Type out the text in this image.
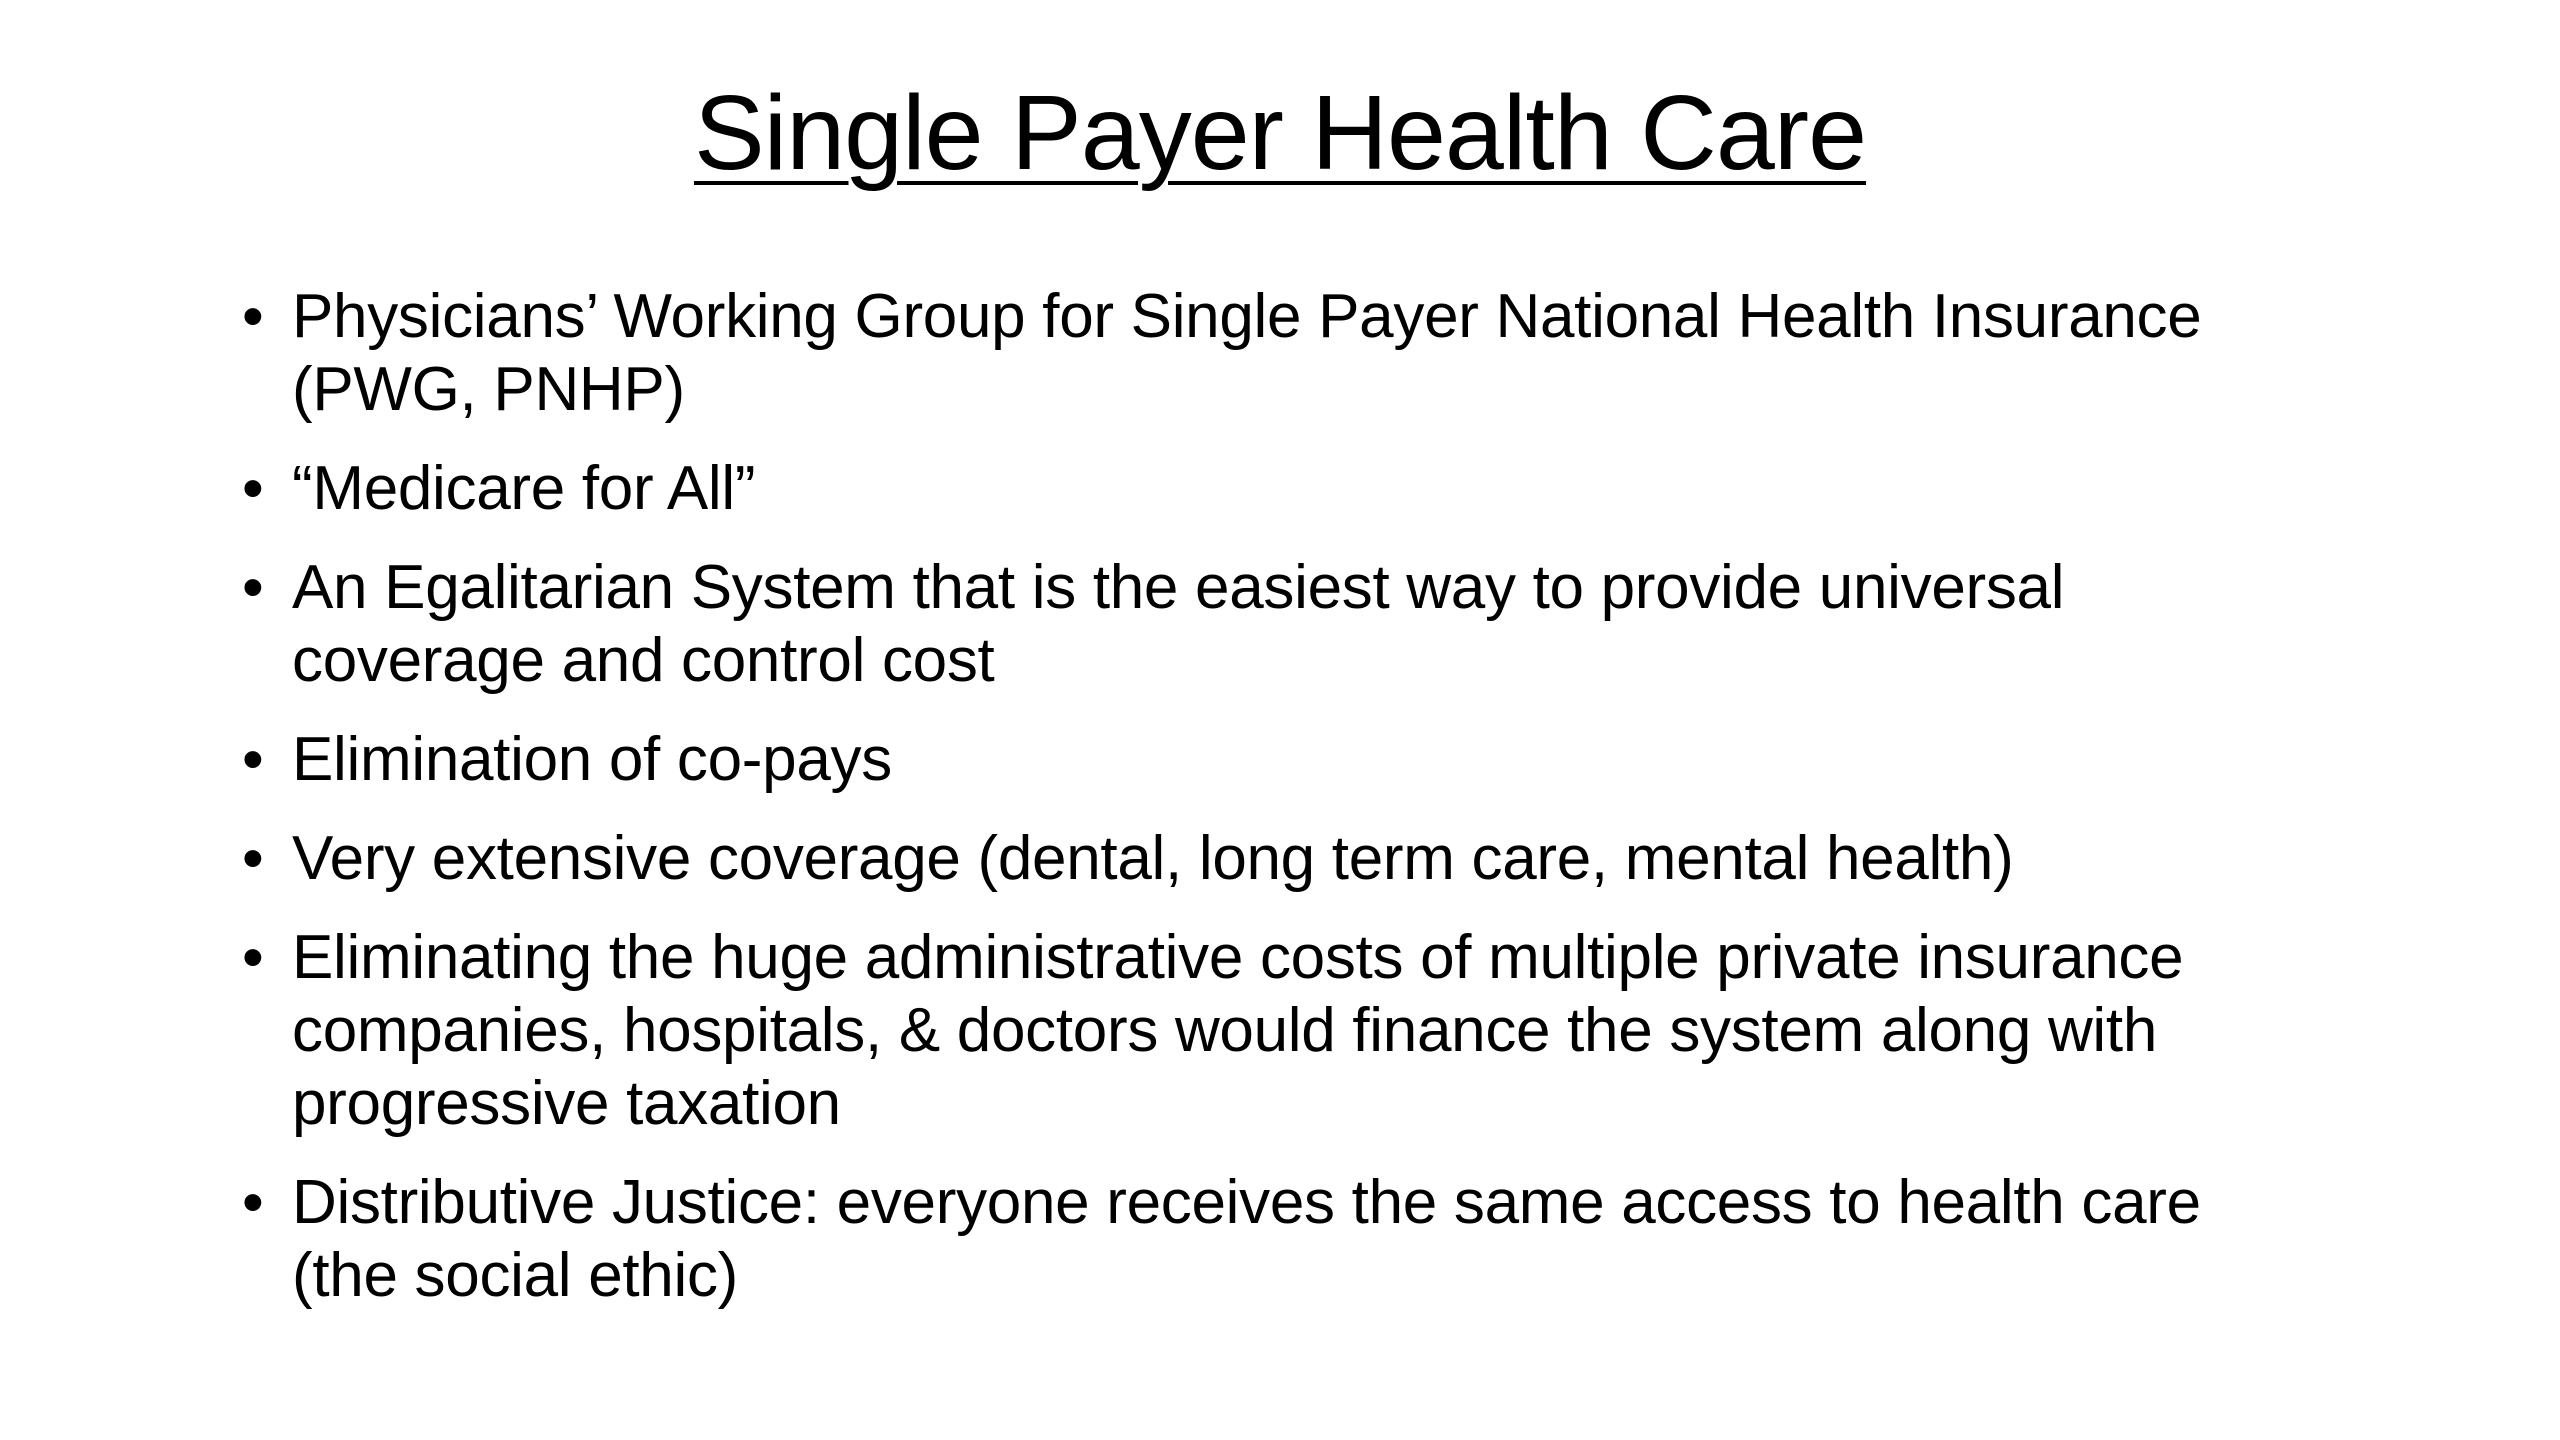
Single Payer Health Care
• Physicians’ Working Group for Single Payer National Health Insurance (PWG, PNHP)
• “Medicare for All”
• An Egalitarian System that is the easiest way to provide universal coverage and control cost
• Elimination of co-pays
• Very extensive coverage (dental, long term care, mental health)
• Eliminating the huge administrative costs of multiple private insurance companies, hospitals, & doctors would finance the system along with progressive taxation
• Distributive Justice: everyone receives the same access to health care (the social ethic)
